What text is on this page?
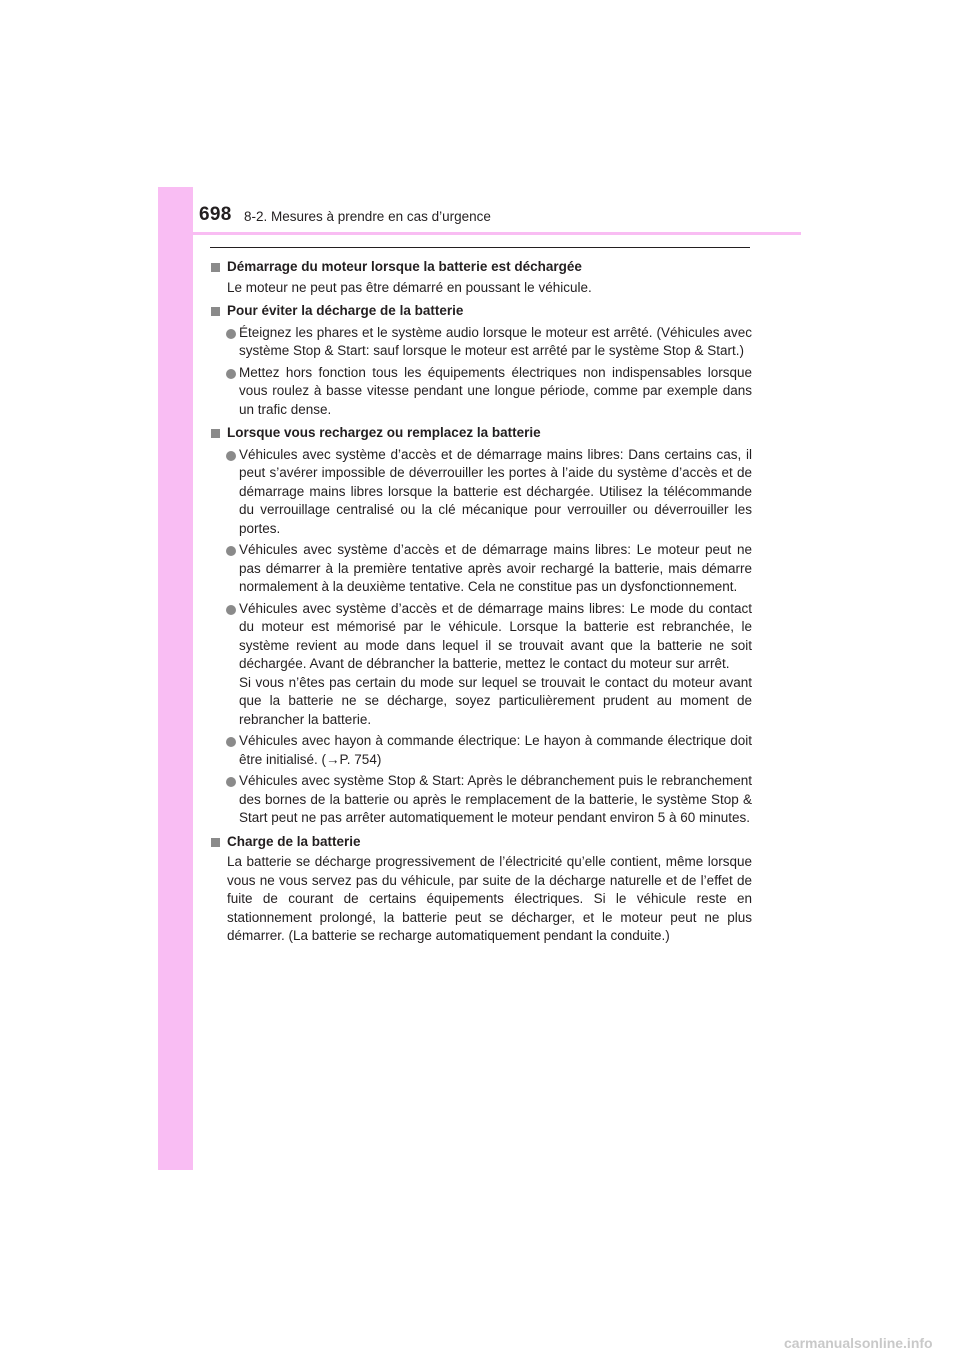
698 8-2. Mesures à prendre en cas d’urgence
Démarrage du moteur lorsque la batterie est déchargée
Le moteur ne peut pas être démarré en poussant le véhicule.
Pour éviter la décharge de la batterie
Éteignez les phares et le système audio lorsque le moteur est arrêté. (Véhicules avec système Stop & Start: sauf lorsque le moteur est arrêté par le système Stop & Start.)
Mettez hors fonction tous les équipements électriques non indispensables lorsque vous roulez à basse vitesse pendant une longue période, comme par exemple dans un trafic dense.
Lorsque vous rechargez ou remplacez la batterie
Véhicules avec système d’accès et de démarrage mains libres: Dans certains cas, il peut s’avérer impossible de déverrouiller les portes à l’aide du système d’accès et de démarrage mains libres lorsque la batterie est déchargée. Utilisez la télécommande du verrouillage centralisé ou la clé mécanique pour verrouiller ou déverrouiller les portes.
Véhicules avec système d’accès et de démarrage mains libres: Le moteur peut ne pas démarrer à la première tentative après avoir rechargé la batterie, mais démarre normalement à la deuxième tentative. Cela ne constitue pas un dysfonctionnement.
Véhicules avec système d’accès et de démarrage mains libres: Le mode du contact du moteur est mémorisé par le véhicule. Lorsque la batterie est rebranchée, le système revient au mode dans lequel il se trouvait avant que la batterie ne soit déchargée. Avant de débrancher la batterie, mettez le contact du moteur sur arrêt.
Si vous n’êtes pas certain du mode sur lequel se trouvait le contact du moteur avant que la batterie ne se décharge, soyez particulièrement prudent au moment de rebrancher la batterie.
Véhicules avec hayon à commande électrique: Le hayon à commande électrique doit être initialisé. (→P. 754)
Véhicules avec système Stop & Start: Après le débranchement puis le rebranchement des bornes de la batterie ou après le remplacement de la batterie, le système Stop & Start peut ne pas arrêter automatiquement le moteur pendant environ 5 à 60 minutes.
Charge de la batterie
La batterie se décharge progressivement de l’électricité qu’elle contient, même lorsque vous ne vous servez pas du véhicule, par suite de la décharge naturelle et de l’effet de fuite de courant de certains équipements électriques. Si le véhicule reste en stationnement prolongé, la batterie peut se décharger, et le moteur peut ne plus démarrer. (La batterie se recharge automatiquement pendant la conduite.)
carmanualsonline.info
